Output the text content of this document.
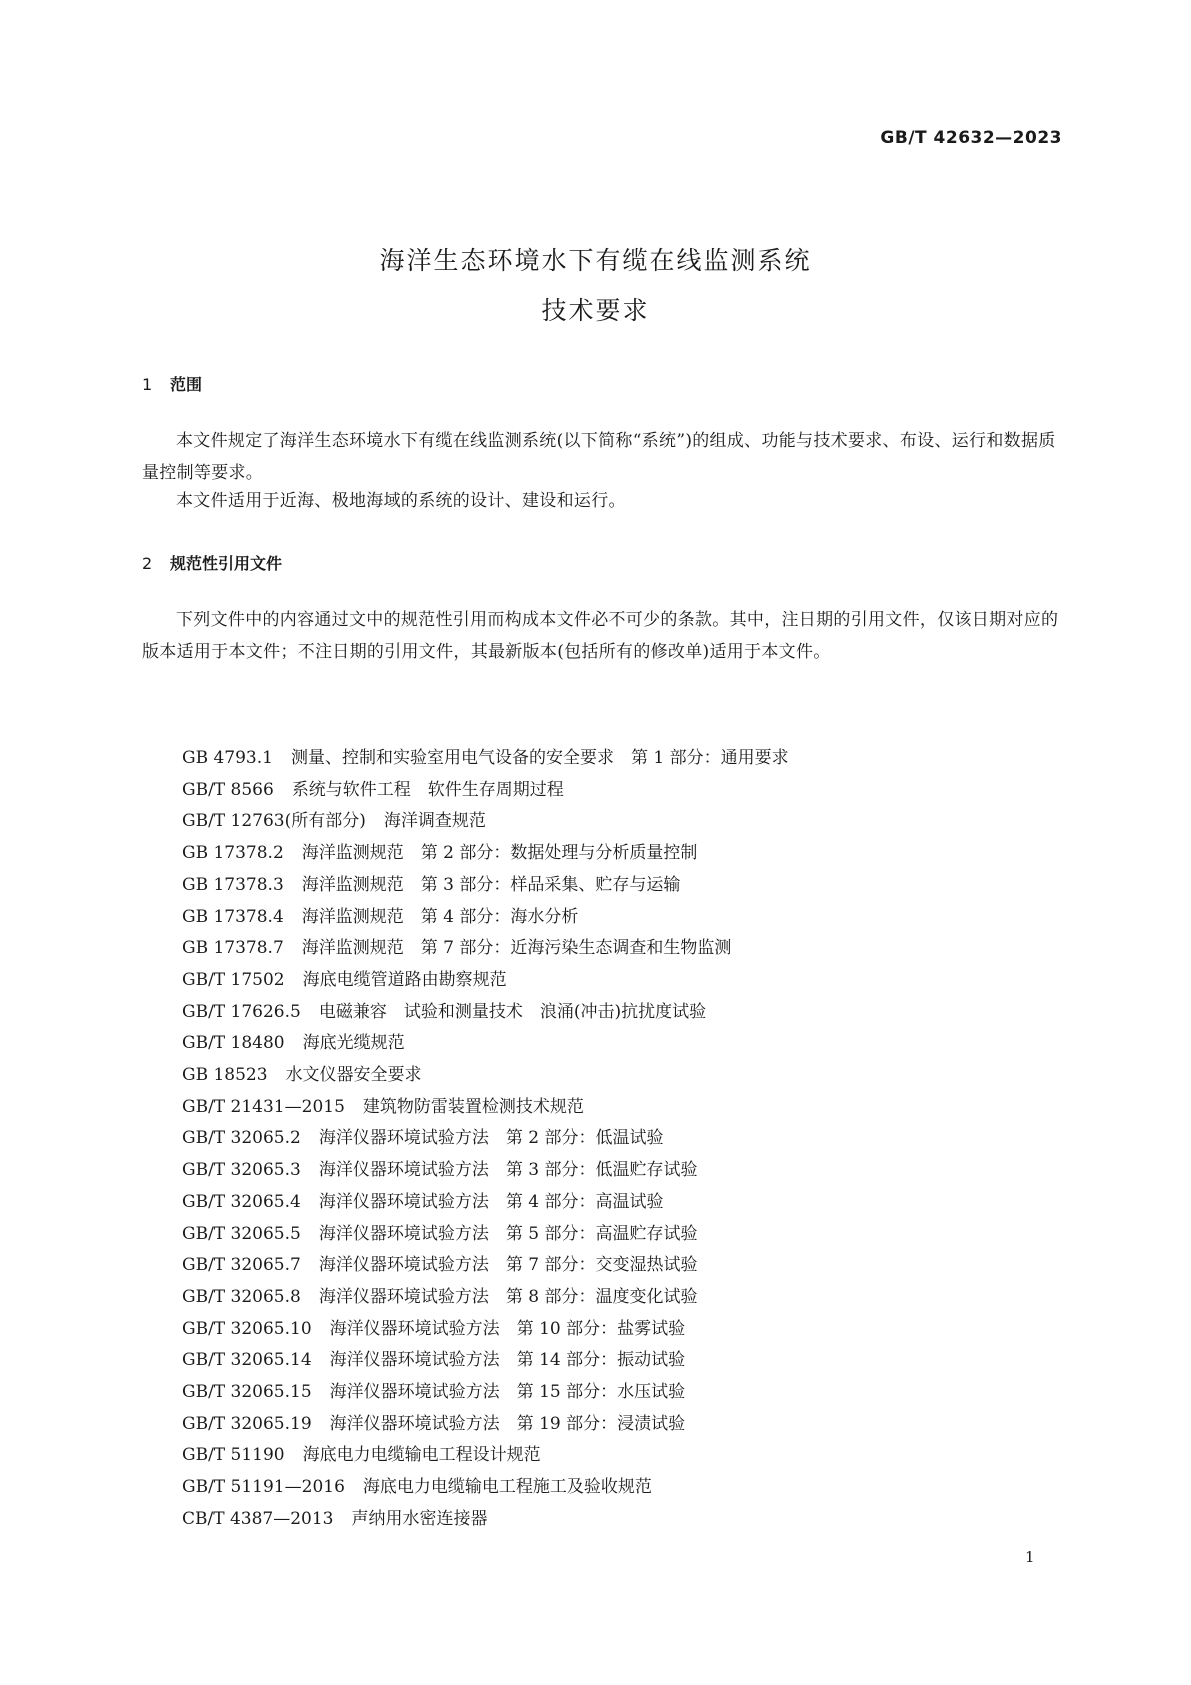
GB/T 42632—2023
海洋生态环境水下有缆在线监测系统
技术要求
1 范围
本文件规定了海洋生态环境水下有缆在线监测系统(以下简称“系统”)的组成、功能与技术要求、布设、运行和数据质量控制等要求。
本文件适用于近海、极地海域的系统的设计、建设和运行。
2 规范性引用文件
下列文件中的内容通过文中的规范性引用而构成本文件必不可少的条款。其中，注日期的引用文件，仅该日期对应的版本适用于本文件；不注日期的引用文件，其最新版本(包括所有的修改单)适用于本文件。
GB 4793.1 测量、控制和实验室用电气设备的安全要求　第 1 部分：通用要求
GB/T 8566 系统与软件工程　软件生存周期过程
GB/T 12763(所有部分) 海洋调查规范
GB 17378.2 海洋监测规范　第 2 部分：数据处理与分析质量控制
GB 17378.3 海洋监测规范　第 3 部分：样品采集、贮存与运输
GB 17378.4 海洋监测规范　第 4 部分：海水分析
GB 17378.7 海洋监测规范　第 7 部分：近海污染生态调查和生物监测
GB/T 17502 海底电缆管道路由勘察规范
GB/T 17626.5 电磁兼容　试验和测量技术　浪涌(冲击)抗扰度试验
GB/T 18480 海底光缆规范
GB 18523 水文仪器安全要求
GB/T 21431—2015 建筑物防雷装置检测技术规范
GB/T 32065.2 海洋仪器环境试验方法　第 2 部分：低温试验
GB/T 32065.3 海洋仪器环境试验方法　第 3 部分：低温贮存试验
GB/T 32065.4 海洋仪器环境试验方法　第 4 部分：高温试验
GB/T 32065.5 海洋仪器环境试验方法　第 5 部分：高温贮存试验
GB/T 32065.7 海洋仪器环境试验方法　第 7 部分：交变湿热试验
GB/T 32065.8 海洋仪器环境试验方法　第 8 部分：温度变化试验
GB/T 32065.10 海洋仪器环境试验方法　第 10 部分：盐雾试验
GB/T 32065.14 海洋仪器环境试验方法　第 14 部分：振动试验
GB/T 32065.15 海洋仪器环境试验方法　第 15 部分：水压试验
GB/T 32065.19 海洋仪器环境试验方法　第 19 部分：浸渍试验
GB/T 51190 海底电力电缆输电工程设计规范
GB/T 51191—2016 海底电力电缆输电工程施工及验收规范
CB/T 4387—2013 声纳用水密连接器
1
